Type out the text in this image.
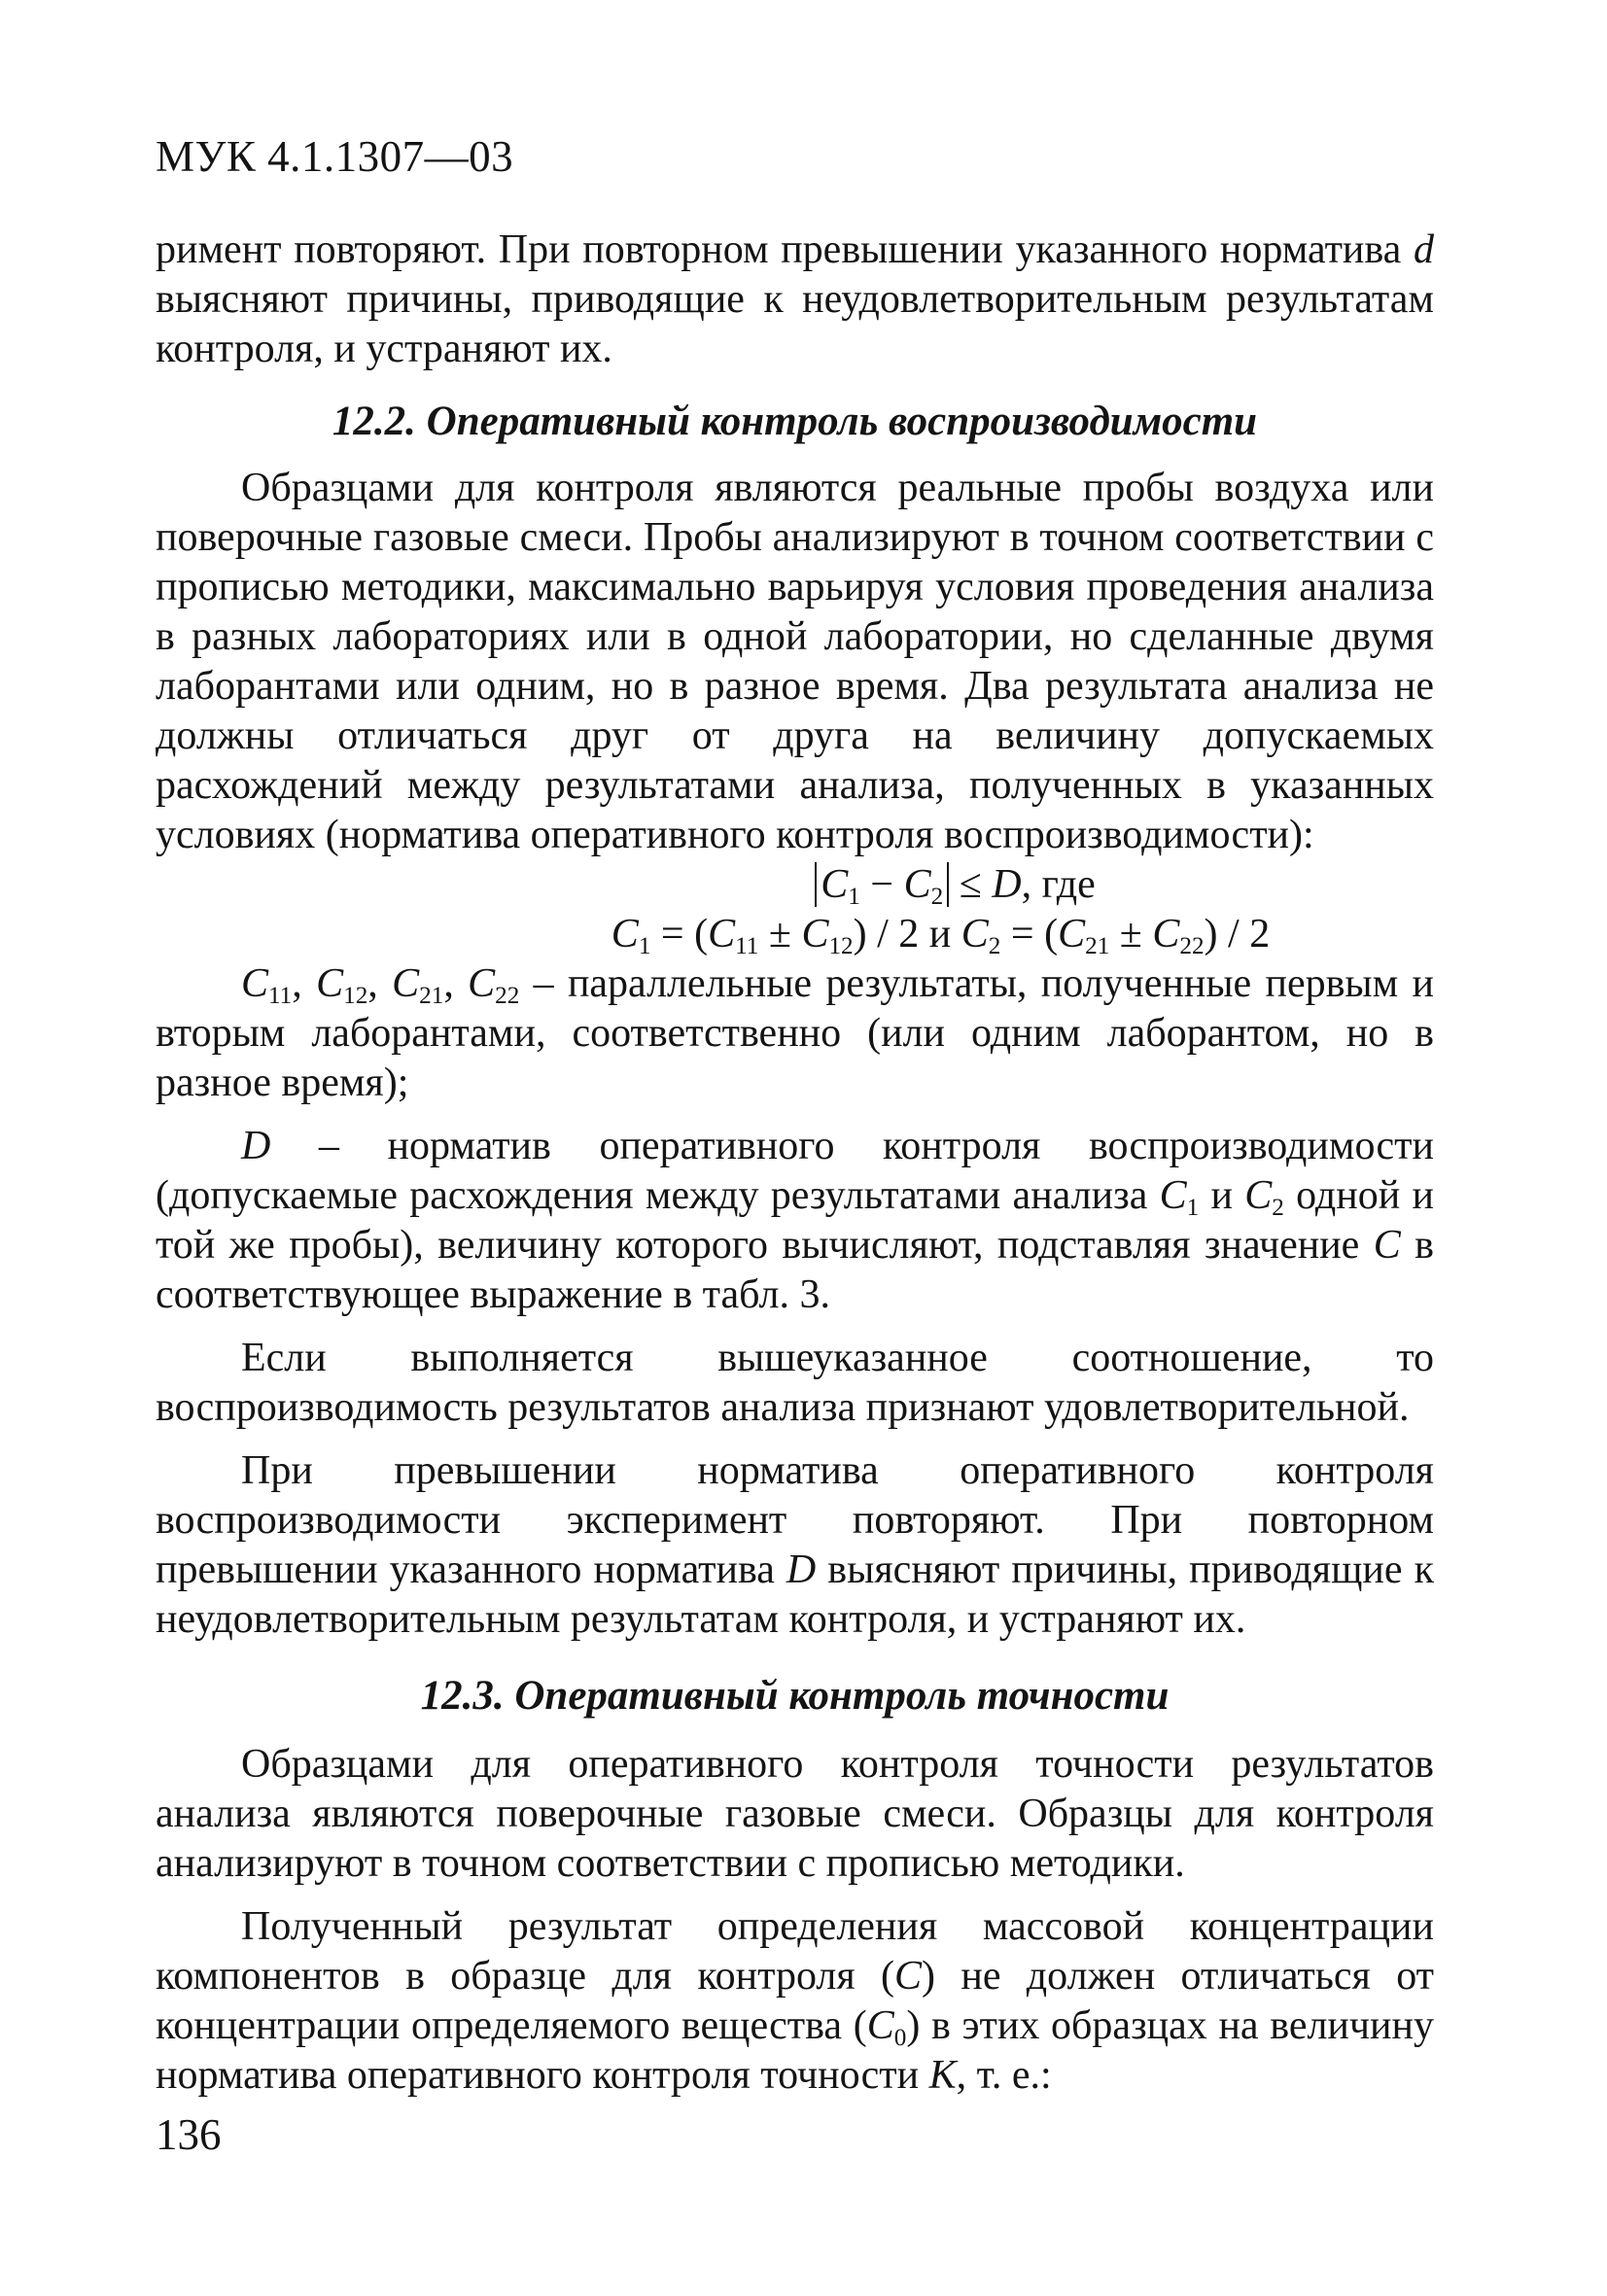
МУК 4.1.1307—03

римент повторяют. При повторном превышении указанного норматива d выясняют причины, приводящие к неудовлетворительным результатам контроля, и устраняют их.

12.2. Оперативный контроль воспроизводимости

Образцами для контроля являются реальные пробы воздуха или поверочные газовые смеси. Пробы анализируют в точном соответствии с прописью методики, максимально варьируя условия проведения анализа в разных лабораториях или в одной лаборатории, но сделанные двумя лаборантами или одним, но в разное время. Два результата анализа не должны отличаться друг от друга на величину допускаемых расхождений между результатами анализа, полученных в указанных условиях (норматива оперативного контроля воспроизводимости):

$C_1 - C_2 \le D$, где
$C_1 = (C_{11} \pm C_{12}) / 2$ и $C_2 = (C_{21} \pm C_{22}) / 2$

$C_{11}$, $C_{12}$, $C_{21}$, $C_{22}$ – параллельные результаты, полученные первым и вторым лаборантами, соответственно (или одним лаборантом, но в разное время);

D – норматив оперативного контроля воспроизводимости (допускаемые расхождения между результатами анализа $C_1$ и $C_2$ одной и той же пробы), величину которого вычисляют, подставляя значение C в соответствующее выражение в табл. 3.

Если выполняется вышеуказанное соотношение, то воспроизводимость результатов анализа признают удовлетворительной.

При превышении норматива оперативного контроля воспроизводимости эксперимент повторяют. При повторном превышении указанного норматива D выясняют причины, приводящие к неудовлетворительным результатам контроля, и устраняют их.

12.3. Оперативный контроль точности

Образцами для оперативного контроля точности результатов анализа являются поверочные газовые смеси. Образцы для контроля анализируют в точном соответствии с прописью методики.

Полученный результат определения массовой концентрации компонентов в образце для контроля (C) не должен отличаться от концентрации определяемого вещества $(C_0)$ в этих образцах на величину норматива оперативного контроля точности K, т. е.:

136
